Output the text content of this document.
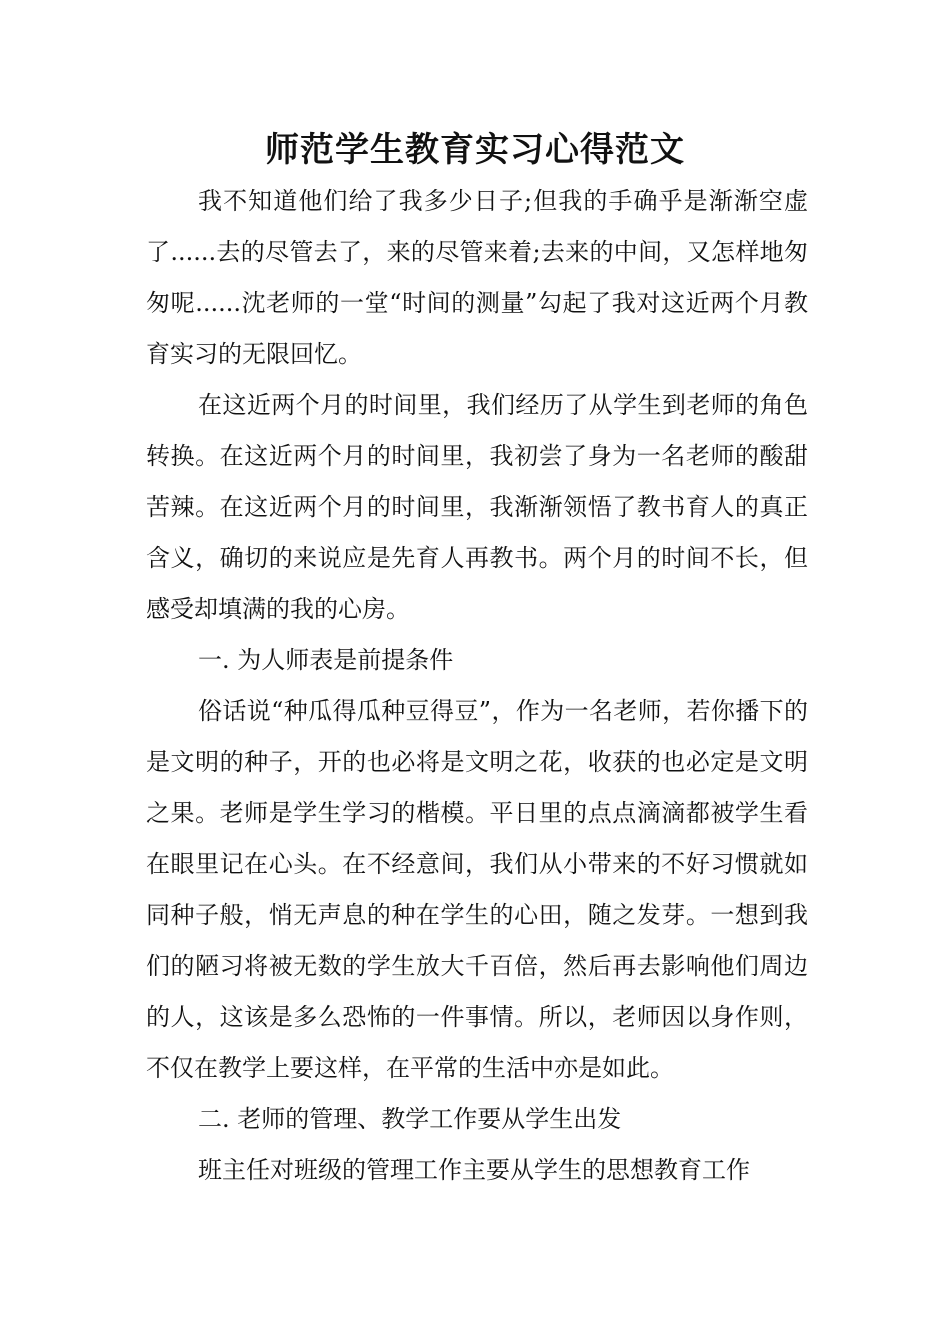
师范学生教育实习心得范文

我不知道他们给了我多少日子;但我的手确乎是渐渐空虚了......去的尽管去了，来的尽管来着;去来的中间，又怎样地匆匆呢......沈老师的一堂“时间的测量”勾起了我对这近两个月教育实习的无限回忆。

在这近两个月的时间里，我们经历了从学生到老师的角色转换。在这近两个月的时间里，我初尝了身为一名老师的酸甜苦辣。在这近两个月的时间里，我渐渐领悟了教书育人的真正含义，确切的来说应是先育人再教书。两个月的时间不长，但感受却填满的我的心房。

一. 为人师表是前提条件

俗话说“种瓜得瓜种豆得豆”，作为一名老师，若你播下的是文明的种子，开的也必将是文明之花，收获的也必定是文明之果。老师是学生学习的楷模。平日里的点点滴滴都被学生看在眼里记在心头。在不经意间，我们从小带来的不好习惯就如同种子般，悄无声息的种在学生的心田，随之发芽。一想到我们的陋习将被无数的学生放大千百倍，然后再去影响他们周边的人，这该是多么恐怖的一件事情。所以，老师因以身作则，不仅在教学上要这样，在平常的生活中亦是如此。

二. 老师的管理、教学工作要从学生出发

班主任对班级的管理工作主要从学生的思想教育工作
